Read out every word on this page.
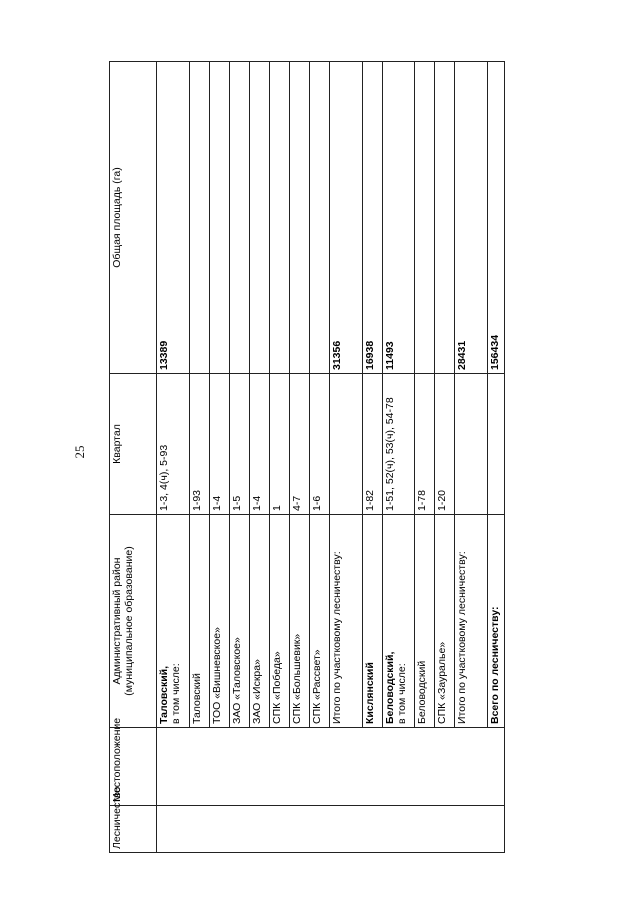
25
Лесничество	Местоположение	Административный район (муниципальное образование)	Квартал	Общая площадь (га)
		Таловский,
в том числе:	1-3, 4(ч), 5-93	13389
		Таловский	1-93	
		ТОО «Вишневское»	1-4	
		ЗАО «Таловское»	1-5	
		ЗАО «Искра»	1-4	
		СПК «Победа»	1	
		СПК «Большевик»	4-7	
		СПК «Рассвет»	1-6	
		Итого по участковому лесничеству:		31356
		Кислянский	1-82	16938
		Беловодский,
в том числе:	1-51, 52(ч), 53(ч), 54-78	11493
		Беловодский	1-78	
		СПК «Зауралье»	1-20	
		Итого по участковому лесничеству:		28431
		Всего по лесничеству:		156434
